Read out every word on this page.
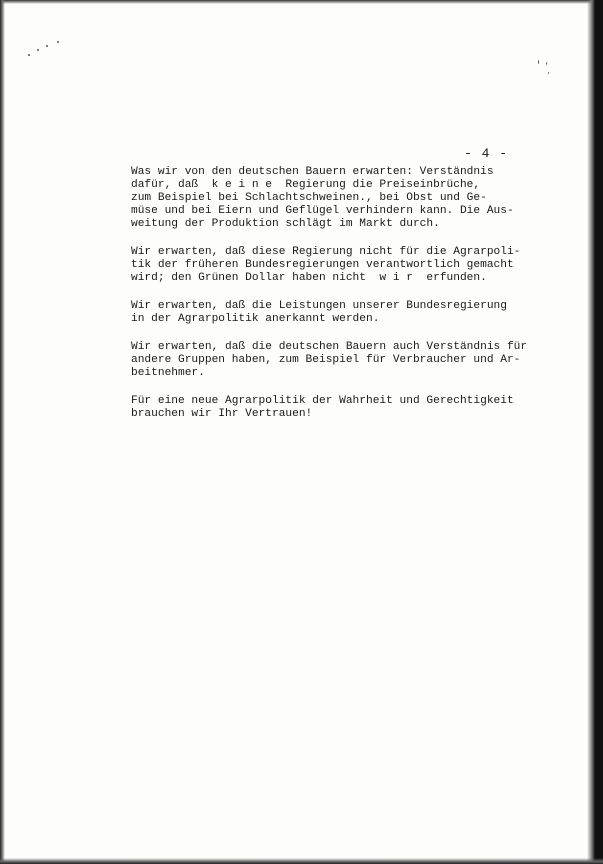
- 4 -

Was wir von den deutschen Bauern erwarten: Verständnis
dafür, daß  k e i n e  Regierung die Preiseinbrüche,
zum Beispiel bei Schlachtschweinen., bei Obst und Ge-
müse und bei Eiern und Geflügel verhindern kann. Die Aus-
weitung der Produktion schlägt im Markt durch.

Wir erwarten, daß diese Regierung nicht für die Agrarpoli-
tik der früheren Bundesregierungen verantwortlich gemacht
wird; den Grünen Dollar haben nicht  w i r  erfunden.

Wir erwarten, daß die Leistungen unserer Bundesregierung
in der Agrarpolitik anerkannt werden.

Wir erwarten, daß die deutschen Bauern auch Verständnis für
andere Gruppen haben, zum Beispiel für Verbraucher und Ar-
beitnehmer.

Für eine neue Agrarpolitik der Wahrheit und Gerechtigkeit
brauchen wir Ihr Vertrauen!
